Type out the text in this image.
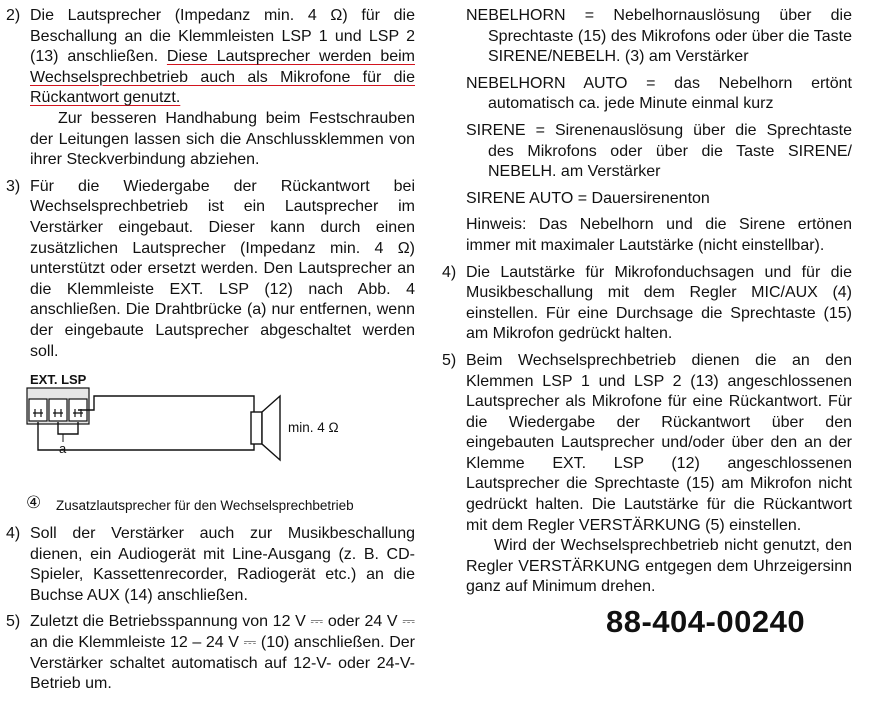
2) Die Lautsprecher (Impedanz min. 4 Ω) für die Beschallung an die Klemmleisten LSP 1 und LSP 2 (13) anschließen. Diese Lautsprecher werden beim Wechselsprechbetrieb auch als Mikrofone für die Rückantwort genutzt.

Zur besseren Handhabung beim Festschrauben der Leitungen lassen sich die Anschlussklemmen von ihrer Steckverbindung abziehen.

3) Für die Wiedergabe der Rückantwort bei Wechselsprechbetrieb ist ein Lautsprecher im Verstärker eingebaut. Dieser kann durch einen zusätzlichen Lautsprecher (Impedanz min. 4 Ω) unterstützt oder ersetzt werden. Den Lautsprecher an die Klemmleiste EXT. LSP (12) nach Abb. 4 anschließen. Die Drahtbrücke (a) nur entfernen, wenn der eingebaute Lautsprecher abgeschaltet werden soll.

EXT. LSP
a
min. 4 Ω
④ Zusatzlautsprecher für den Wechselsprechbetrieb
4) Soll der Verstärker auch zur Musikbeschallung dienen, ein Audiogerät mit Line-Ausgang (z. B. CD-Spieler, Kassettenrecorder, Radiogerät etc.) an die Buchse AUX (14) anschließen.

5) Zuletzt die Betriebsspannung von 12 V ⎓ oder 24 V ⎓ an die Klemmleiste 12 – 24 V ⎓ (10) anschließen. Der Verstärker schaltet automatisch auf 12-V- oder 24-V-Betrieb um.

NEBELHORN = Nebelhornauslösung über die Sprechtaste (15) des Mikrofons oder über die Taste SIRENE/NEBELH. (3) am Verstärker

NEBELHORN AUTO = das Nebelhorn ertönt automatisch ca. jede Minute einmal kurz

SIRENE = Sirenenauslösung über die Sprechtaste des Mikrofons oder über die Taste SIRENE/ NEBELH. am Verstärker

SIRENE AUTO = Dauersirenenton

Hinweis: Das Nebelhorn und die Sirene ertönen immer mit maximaler Lautstärke (nicht einstellbar).

4) Die Lautstärke für Mikrofonduchsagen und für die Musikbeschallung mit dem Regler MIC/AUX (4) einstellen. Für eine Durchsage die Sprechtaste (15) am Mikrofon gedrückt halten.

5) Beim Wechselsprechbetrieb dienen die an den Klemmen LSP 1 und LSP 2 (13) angeschlossenen Lautsprecher als Mikrofone für eine Rückantwort. Für die Wiedergabe der Rückantwort über den eingebauten Lautsprecher und/oder über den an der Klemme EXT. LSP (12) angeschlossenen Lautsprecher die Sprechtaste (15) am Mikrofon nicht gedrückt halten. Die Lautstärke für die Rückantwort mit dem Regler VERSTÄRKUNG (5) einstellen.

Wird der Wechselsprechbetrieb nicht genutzt, den Regler VERSTÄRKUNG entgegen dem Uhrzeigersinn ganz auf Minimum drehen.

88-404-00240
